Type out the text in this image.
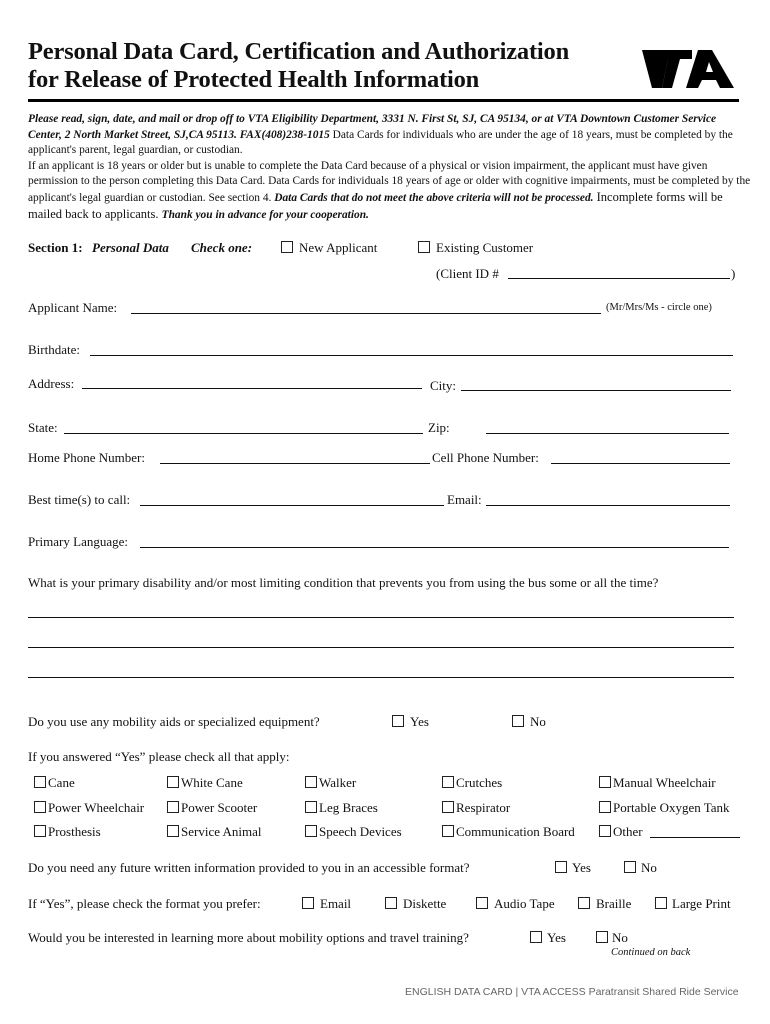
Personal Data Card, Certification and Authorization
for Release of Protected Health Information
Please read, sign, date, and mail or drop off to VTA Eligibility Department, 3331 N. First St, SJ, CA 95134, or at VTA Downtown Customer Service Center, 2 North Market Street, SJ,CA 95113. FAX(408)238-1015 Data Cards for individuals who are under the age of 18 years, must be completed by the applicant's parent, legal guardian, or custodian.
If an applicant is 18 years or older but is unable to complete the Data Card because of a physical or vision impairment, the applicant must have given permission to the person completing this Data Card. Data Cards for individuals 18 years of age or older with cognitive impairments, must be completed by the applicant's legal guardian or custodian. See section 4. Data Cards that do not meet the above criteria will not be processed. Incomplete forms will be mailed back to applicants. Thank you in advance for your cooperation.
Section 1: Personal Data Check one:	New Applicant	Existing Customer
(Client ID #	)
Applicant Name:	(Mr/Mrs/Ms - circle one)
Birthdate:
Address:	City:
State:	Zip:
Home Phone Number:	Cell Phone Number:
Best time(s) to call:	Email:
Primary Language:
What is your primary disability and/or most limiting condition that prevents you from using the bus some or all the time?
Do you use any mobility aids or specialized equipment?	Yes	No
If you answered “Yes” please check all that apply:
Cane	White Cane	Walker	Crutches	Manual Wheelchair
Power Wheelchair	Power Scooter	Leg Braces	Respirator	Portable Oxygen Tank
Prosthesis	Service Animal	Speech Devices	Communication Board	Other
Do you need any future written information provided to you in an accessible format?	Yes	No
If “Yes”, please check the format you prefer:	Email	Diskette	Audio Tape	Braille	Large Print
Would you be interested in learning more about mobility options and travel training?	Yes	No
Continued on back
ENGLISH DATA CARD | VTA ACCESS Paratransit Shared Ride Service
